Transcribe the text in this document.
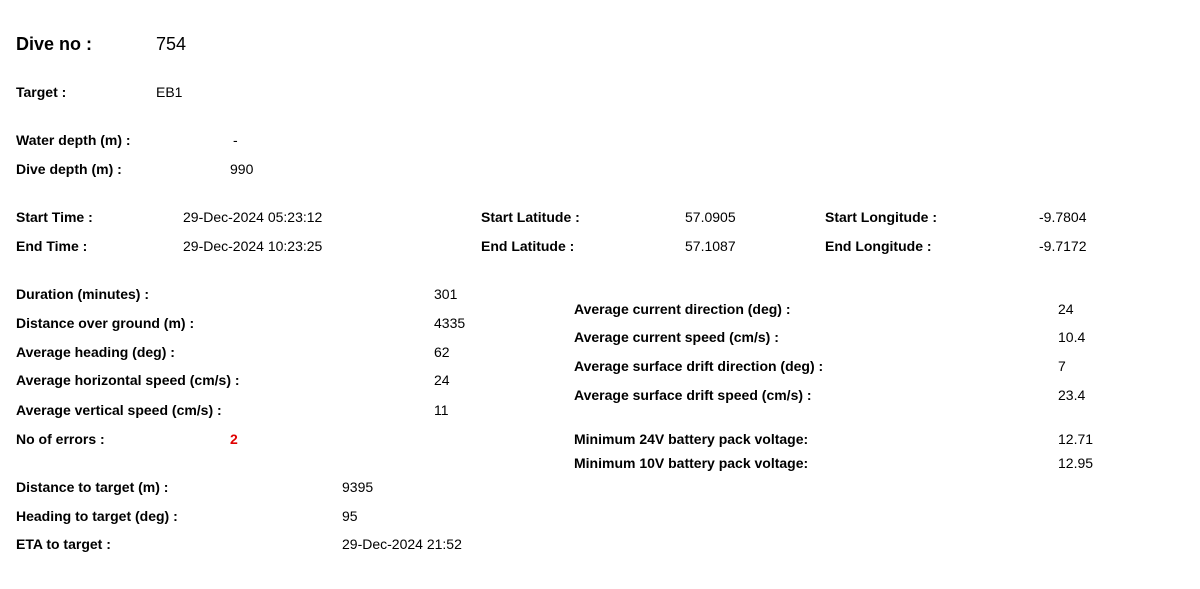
Dive no :	754
Target :	EB1
Water depth (m) :	-
Dive depth (m) :	990
Start Time :	29-Dec-2024 05:23:12
End Time :	29-Dec-2024 10:23:25
Start Latitude :	57.0905
End Latitude :	57.1087
Start Longitude :	-9.7804
End Longitude :	-9.7172
Duration (minutes) :	301
Distance over ground (m) :	4335
Average heading (deg) :	62
Average horizontal speed (cm/s) :	24
Average vertical speed (cm/s) :	11
No of errors :	2
Distance to target (m) :	9395
Heading to target (deg) :	95
ETA to target :	29-Dec-2024 21:52
Average current direction (deg) :	24
Average current speed (cm/s) :	10.4
Average surface drift direction (deg) :	7
Average surface drift speed (cm/s) :	23.4
Minimum 24V battery pack voltage:	12.71
Minimum 10V battery pack voltage:	12.95
